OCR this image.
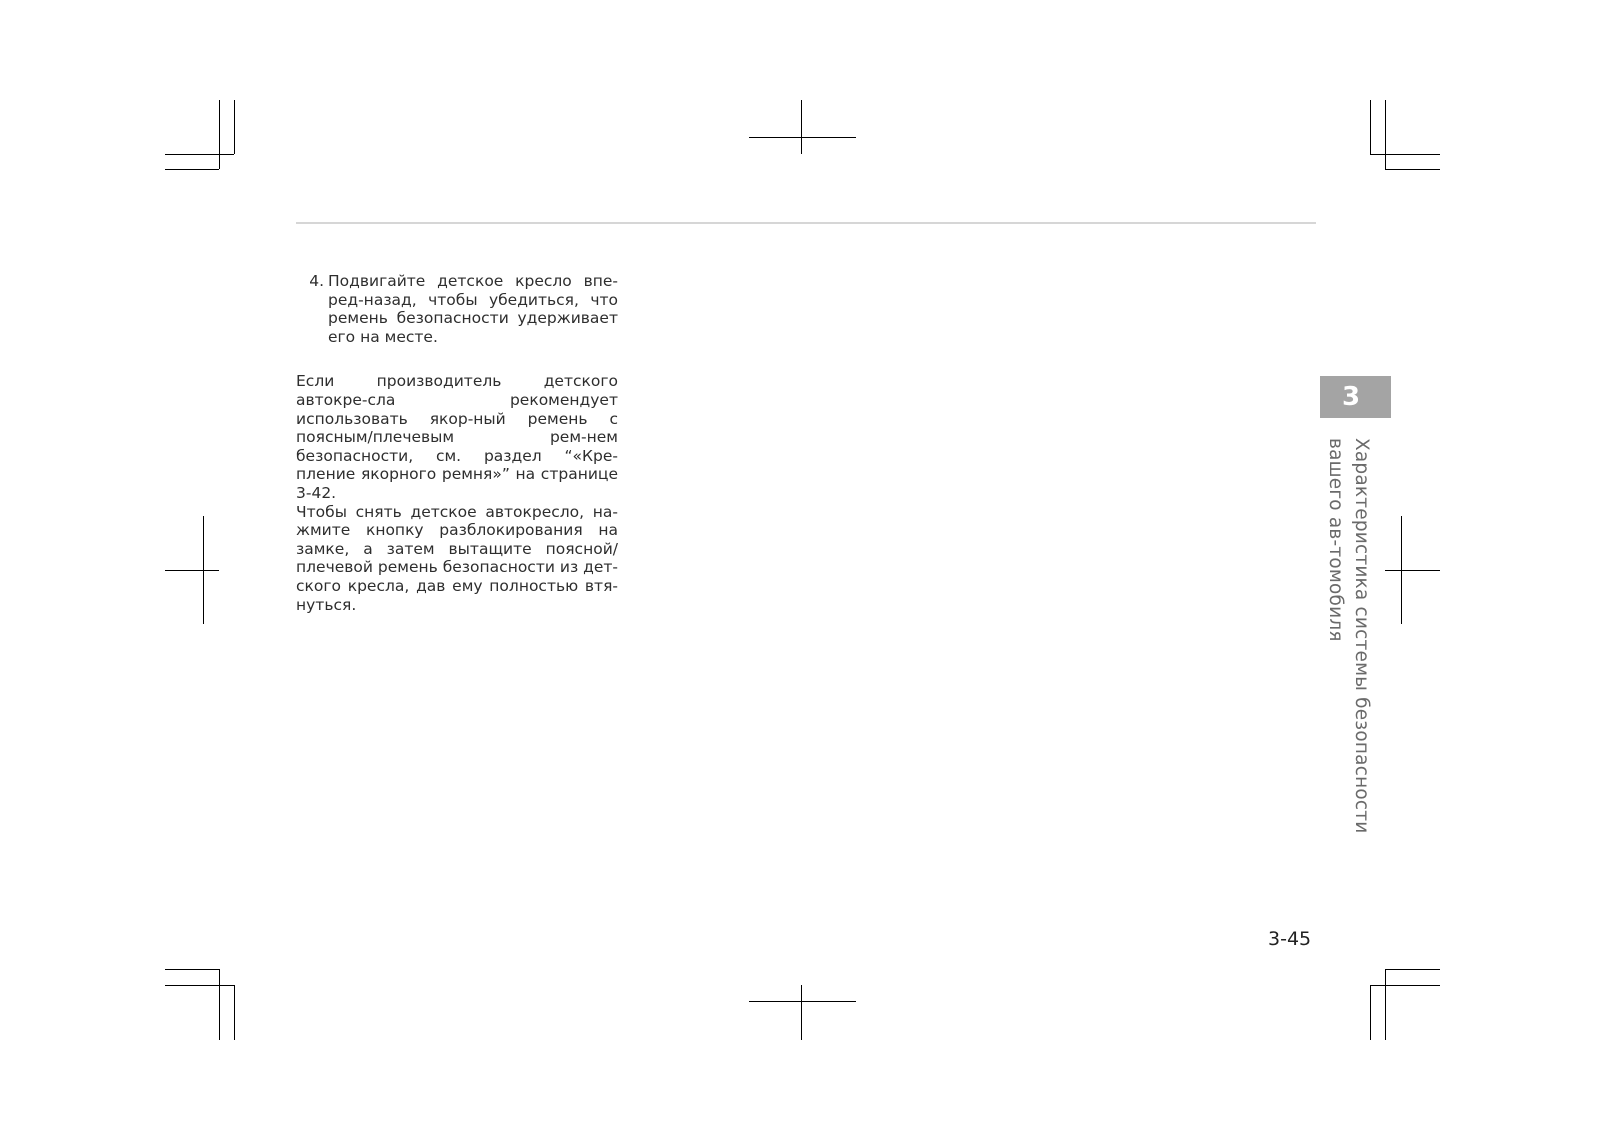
4. Подвигайте детское кресло впе-ред-назад, чтобы убедиться, что ремень безопасности удерживает его на месте.

Если производитель детского автокре-сла рекомендует использовать якор-ный ремень с поясным/плечевым рем-нем безопасности, см. раздел “«Кре-пление якорного ремня»” на странице 3-42.

Чтобы снять детское автокресло, на-жмите кнопку разблокирования на замке, а затем вытащите поясной/плечевой ремень безопасности из дет-ского кресла, дав ему полностью втя-нуться.

3
Характеристика системы безопасности вашего ав-томобиля
3-45
